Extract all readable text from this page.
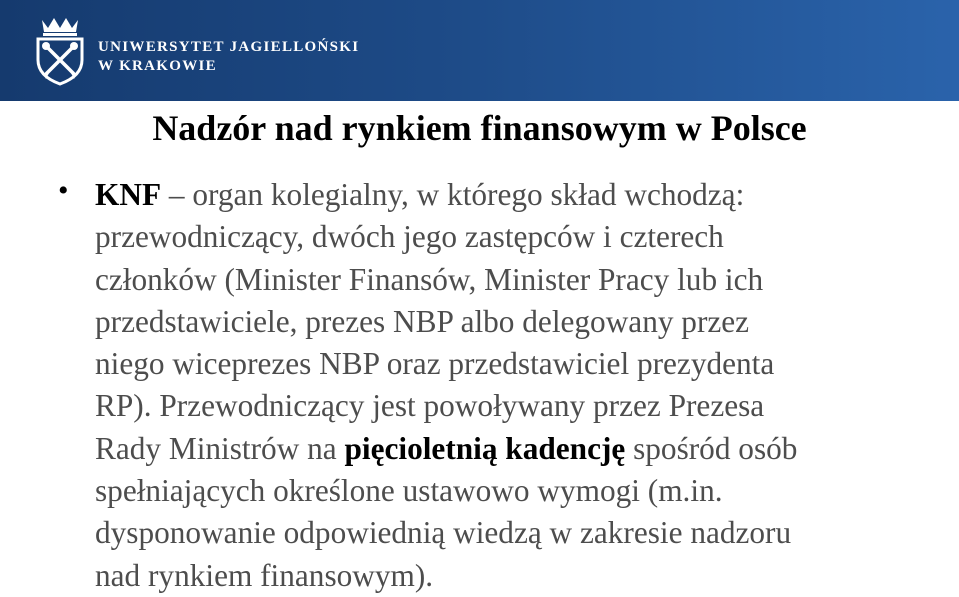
UNIWERSYTET JAGIELLOŃSKI
W KRAKOWIE
Nadzór nad rynkiem finansowym w Polsce
• KNF – organ kolegialny, w którego skład wchodzą:
przewodniczący, dwóch jego zastępców i czterech
członków (Minister Finansów, Minister Pracy lub ich
przedstawiciele, prezes NBP albo delegowany przez
niego wiceprezes NBP oraz przedstawiciel prezydenta
RP). Przewodniczący jest powoływany przez Prezesa
Rady Ministrów na pięcioletnią kadencję spośród osób
spełniających określone ustawowo wymogi (m.in.
dysponowanie odpowiednią wiedzą w zakresie nadzoru
nad rynkiem finansowym).
